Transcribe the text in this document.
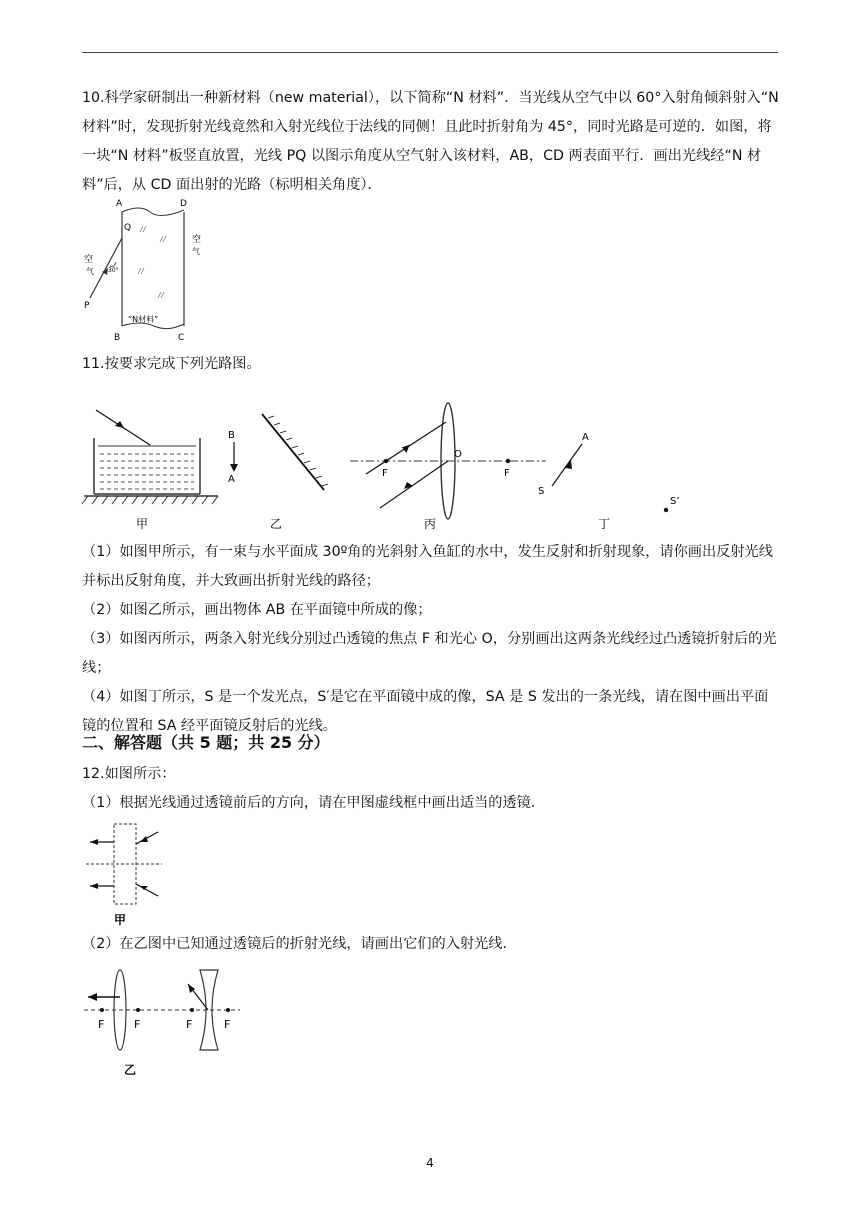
10.科学家研制出一种新材料（new material），以下简称“N 材料”．当光线从空气中以 60°入射角倾斜射入“N 材料”时，发现折射光线竟然和入射光线位于法线的同侧！且此时折射角为 45°，同时光路是可逆的．如图，将一块“N 材料”板竖直放置，光线 PQ 以图示角度从空气射入该材料，AB，CD 两表面平行．画出光线经“N 材料”后，从 CD 面出射的光路（标明相关角度）．

A	D
B	C
Q
P
空
气
空
气
30°
“N材料”

11.按要求完成下列光路图。

甲
B
A
乙
F
O
F
丙
A
S
S’
丁

（1）如图甲所示，有一束与水平面成 30º角的光斜射入鱼缸的水中，发生反射和折射现象，请你画出反射光线并标出反射角度，并大致画出折射光线的路径；

（2）如图乙所示，画出物体 AB 在平面镜中所成的像；

（3）如图丙所示，两条入射光线分别过凸透镜的焦点 F 和光心 O，分别画出这两条光线经过凸透镜折射后的光线；

（4）如图丁所示，S 是一个发光点，S′是它在平面镜中成的像，SA 是 S 发出的一条光线，请在图中画出平面镜的位置和 SA 经平面镜反射后的光线。

二、解答题（共 5 题；共 25 分）

12.如图所示：

（1）根据光线通过透镜前后的方向，请在甲图虚线框中画出适当的透镜．

甲

（2）在乙图中已知通过透镜后的折射光线，请画出它们的入射光线．

F	F	F	F
乙
4
